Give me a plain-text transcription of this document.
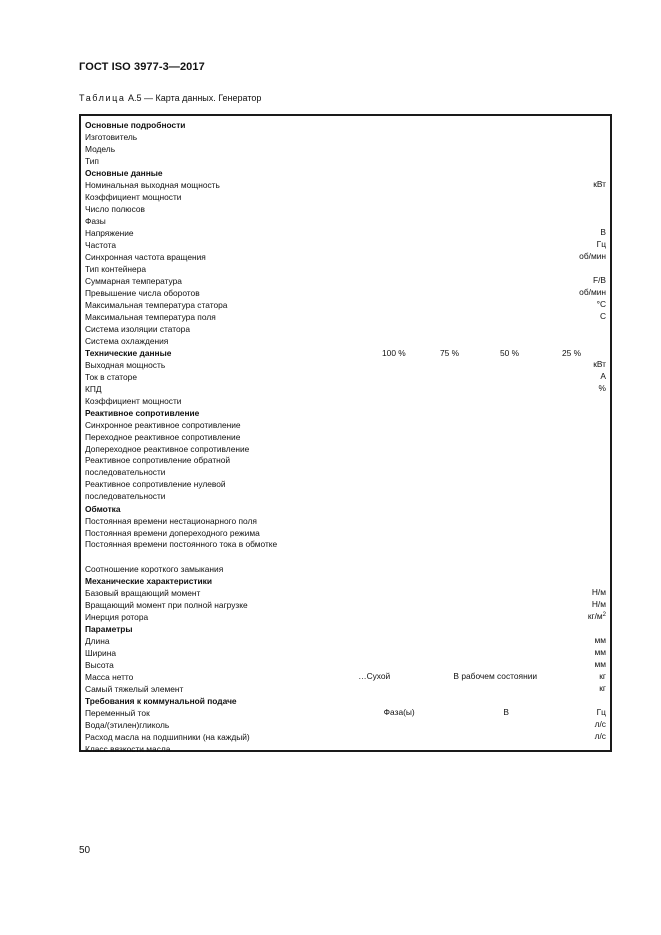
ГОСТ ISO 3977-3—2017
Таблица А.5 — Карта данных. Генератор
Основные подробности
Изготовитель
Модель
Тип
Основные данные
Номинальная выходная мощность	кВт
Коэффициент мощности
Число полюсов
Фазы
Напряжение	В
Частота	Гц
Синхронная частота вращения	об/мин
Тип контейнера
Суммарная температура	F/B
Превышение числа оборотов	об/мин
Максимальная температура статора	°С
Максимальная температура поля	С
Система изоляции статора
Система охлаждения
Технические данные	100 %	75 %	50 %	25 %
Выходная мощность	кВт
Ток в статоре	А
КПД	%
Коэффициент мощности
Реактивное сопротивление
Синхронное реактивное сопротивление
Переходное реактивное сопротивление
Допереходное реактивное сопротивление
Реактивное сопротивление обратной последовательности
Реактивное сопротивление нулевой последовательности
Обмотка
Постоянная времени нестационарного поля
Постоянная времени допереходного режима
Постоянная времени постоянного тока в обмотке
Соотношение короткого замыкания
Механические характеристики
Базовый вращающий момент	Н/м
Вращающий момент при полной нагрузке	Н/м
Инерция ротора	$кг/м^2$
Параметры
Длина	мм
Ширина	мм
Высота	мм
Масса нетто	…Сухой	В рабочем состоянии	кг
Самый тяжелый элемент	кг
Требования к коммунальной подаче
Переменный ток	Фаза(ы)	В	Гц
Вода/(этилен)гликоль	л/с
Расход масла на подшипники (на каждый)	л/с
Класс вязкости масла
50
